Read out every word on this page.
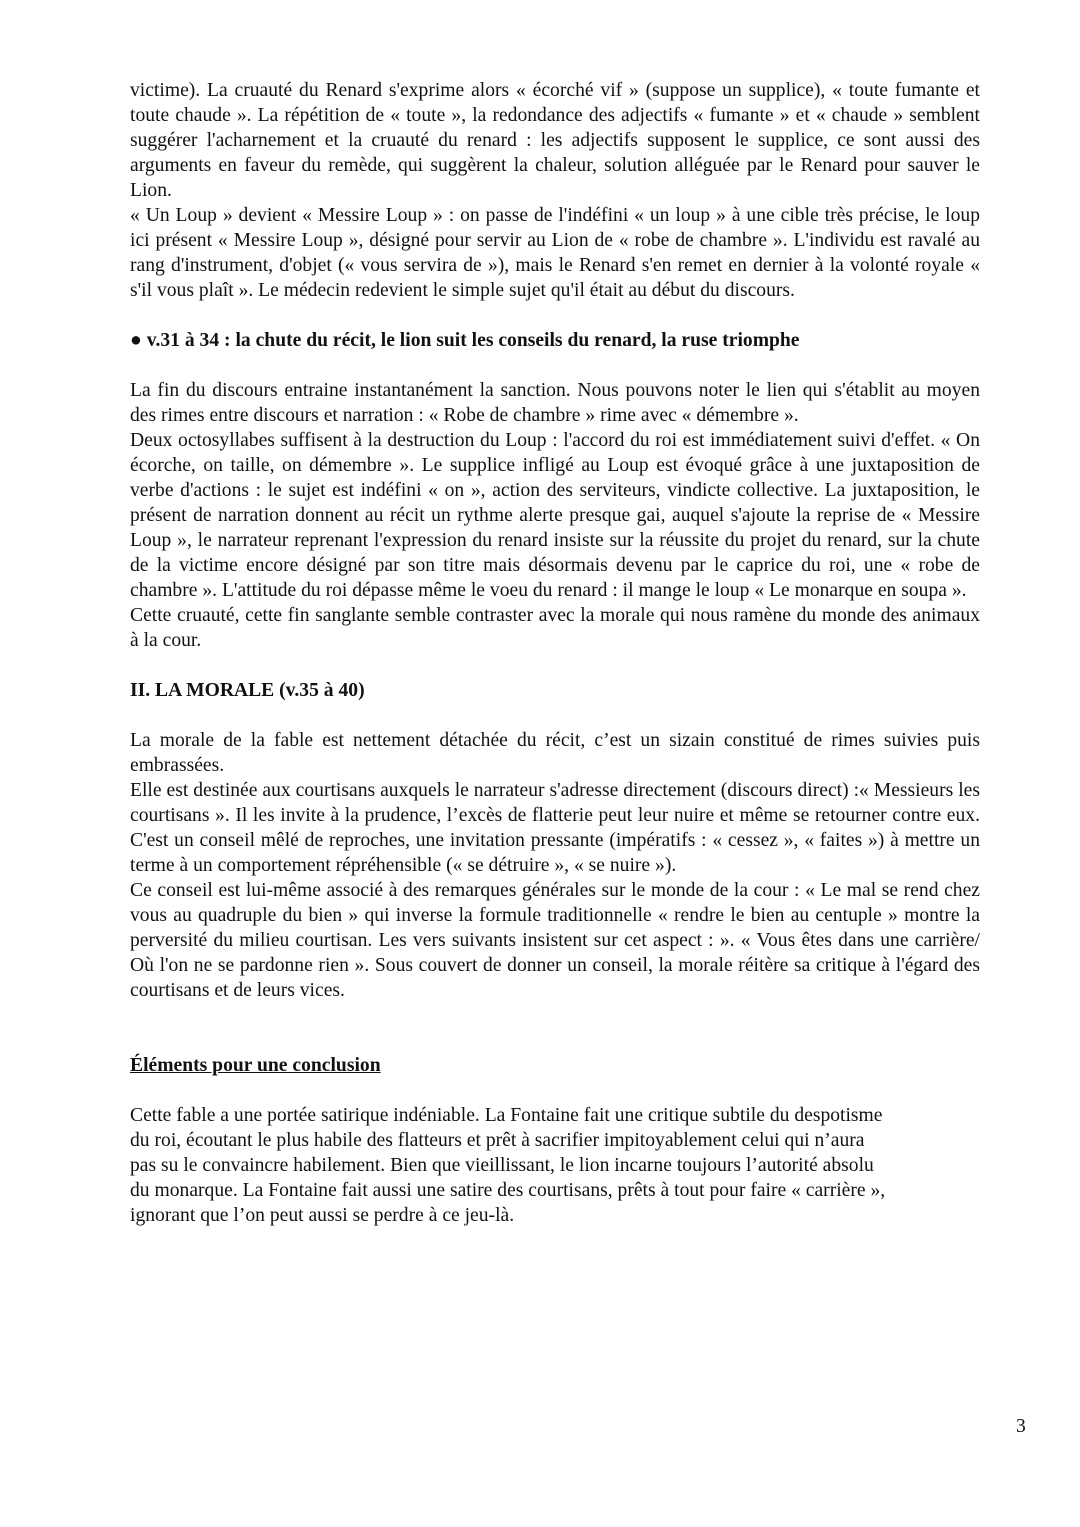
victime). La cruauté du Renard s'exprime alors « écorché vif » (suppose un supplice), « toute fumante et toute chaude ». La répétition de « toute », la redondance des adjectifs « fumante » et « chaude » semblent suggérer l'acharnement et la cruauté du renard : les adjectifs supposent le supplice, ce sont aussi des arguments en faveur du remède, qui suggèrent la chaleur, solution alléguée par le Renard pour sauver le Lion.

« Un Loup » devient « Messire Loup » : on passe de l'indéfini « un loup » à une cible très précise, le loup ici présent « Messire Loup », désigné pour servir au Lion de « robe de chambre ». L'individu est ravalé au rang d'instrument, d'objet (« vous servira de »), mais le Renard s'en remet en dernier à la volonté royale « s'il vous plaît ». Le médecin redevient le simple sujet qu'il était au début du discours.

● v.31 à 34 : la chute du récit, le lion suit les conseils du renard, la ruse triomphe

La fin du discours entraine instantanément la sanction. Nous pouvons noter le lien qui s'établit au moyen des rimes entre discours et narration : « Robe de chambre » rime avec « démembre ».

Deux octosyllabes suffisent à la destruction du Loup : l'accord du roi est immédiatement suivi d'effet. « On écorche, on taille, on démembre ». Le supplice infligé au Loup est évoqué grâce à une juxtaposition de verbe d'actions : le sujet est indéfini « on », action des serviteurs, vindicte collective. La juxtaposition, le présent de narration donnent au récit un rythme alerte presque gai, auquel s'ajoute la reprise de « Messire Loup », le narrateur reprenant l'expression du renard insiste sur la réussite du projet du renard, sur la chute de la victime encore désigné par son titre mais désormais devenu par le caprice du roi, une « robe de chambre ». L'attitude du roi dépasse même le voeu du renard : il mange le loup « Le monarque en soupa ».

Cette cruauté, cette fin sanglante semble contraster avec la morale qui nous ramène du monde des animaux à la cour.

II. LA MORALE (v.35 à 40)

La morale de la fable est nettement détachée du récit, c’est un sizain constitué de rimes suivies puis embrassées.

Elle est destinée aux courtisans auxquels le narrateur s'adresse directement (discours direct) :« Messieurs les courtisans ». Il les invite à la prudence, l’excès de flatterie peut leur nuire et même se retourner contre eux. C'est un conseil mêlé de reproches, une invitation pressante (impératifs : « cessez », « faites ») à mettre un terme à un comportement répréhensible (« se détruire », « se nuire »).

Ce conseil est lui-même associé à des remarques générales sur le monde de la cour : « Le mal se rend chez vous au quadruple du bien » qui inverse la formule traditionnelle « rendre le bien au centuple » montre la perversité du milieu courtisan. Les vers suivants insistent sur cet aspect : ». « Vous êtes dans une carrière/ Où l'on ne se pardonne rien ». Sous couvert de donner un conseil, la morale réitère sa critique à l'égard des courtisans et de leurs vices.

Éléments pour une conclusion

Cette fable a une portée satirique indéniable. La Fontaine fait une critique subtile du despotisme
du roi, écoutant le plus habile des flatteurs et prêt à sacrifier impitoyablement celui qui n’aura
pas su le convaincre habilement. Bien que vieillissant, le lion incarne toujours l’autorité absolu
du monarque. La Fontaine fait aussi une satire des courtisans, prêts à tout pour faire « carrière »,
ignorant que l’on peut aussi se perdre à ce jeu-là.
3
